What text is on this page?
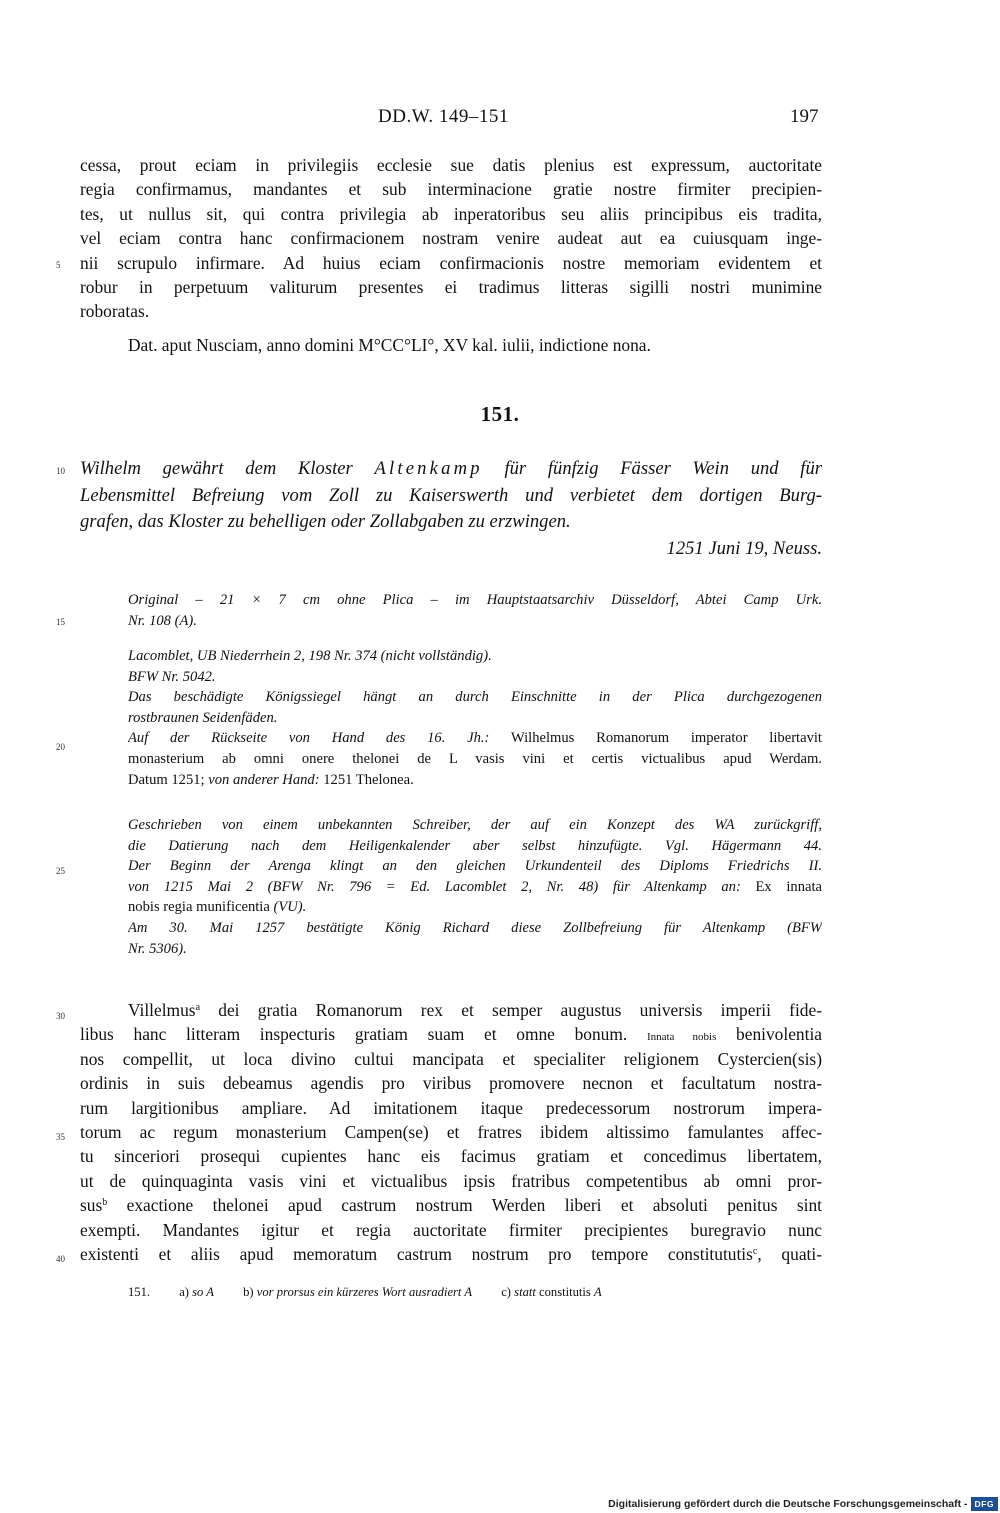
DD.W. 149–151	197
cessa, prout eciam in privilegiis ecclesie sue datis plenius est expressum, auctoritate
regia confirmamus, mandantes et sub interminacione gratie nostre firmiter precipien-
tes, ut nullus sit, qui contra privilegia ab inperatoribus seu aliis principibus eis tradita,
vel eciam contra hanc confirmacionem nostram venire audeat aut ea cuiusquam inge-
nii scrupulo infirmare. Ad huius eciam confirmacionis nostre memoriam evidentem et
robur in perpetuum valiturum presentes ei tradimus litteras sigilli nostri munimine
roboratas.
Dat. aput Nusciam, anno domini M°CC°LI°, XV kal. iulii, indictione nona.
151.
Wilhelm gewährt dem Kloster Altenkamp für fünfzig Fässer Wein und für
Lebensmittel Befreiung vom Zoll zu Kaiserswerth und verbietet dem dortigen Burg-
grafen, das Kloster zu behelligen oder Zollabgaben zu erzwingen.
1251 Juni 19, Neuss.
Original – 21 × 7 cm ohne Plica – im Hauptstaatsarchiv Düsseldorf, Abtei Camp Urk.
Nr. 108 (A).
Lacomblet, UB Niederrhein 2, 198 Nr. 374 (nicht vollständig).
BFW Nr. 5042.
Das beschädigte Königssiegel hängt an durch Einschnitte in der Plica durchgezogenen
rostbraunen Seidenfäden.
Auf der Rückseite von Hand des 16. Jh.: Wilhelmus Romanorum imperator libertavit
monasterium ab omni onere thelonei de L vasis vini et certis victualibus apud Werdam.
Datum 1251; von anderer Hand: 1251 Thelonea.
Geschrieben von einem unbekannten Schreiber, der auf ein Konzept des WA zurückgriff,
die Datierung nach dem Heiligenkalender aber selbst hinzufügte. Vgl. Hägermann 44.
Der Beginn der Arenga klingt an den gleichen Urkundenteil des Diploms Friedrichs II.
von 1215 Mai 2 (BFW Nr. 796 = Ed. Lacomblet 2, Nr. 48) für Altenkamp an: Ex innata
nobis regia munificentia (VU).
Am 30. Mai 1257 bestätigte König Richard diese Zollbefreiung für Altenkamp (BFW
Nr. 5306).
Villelmus$^a$ dei gratia Romanorum rex et semper augustus universis imperii fide-
libus hanc litteram inspecturis gratiam suam et omne bonum. Innata nobis benivolentia
nos compellit, ut loca divino cultui mancipata et specialiter religionem Cystercien(sis)
ordinis in suis debeamus agendis pro viribus promovere necnon et facultatum nostra-
rum largitionibus ampliare. Ad imitationem itaque predecessorum nostrorum impera-
torum ac regum monasterium Campen(se) et fratres ibidem altissimo famulantes affec-
tu sinceriori prosequi cupientes hanc eis facimus gratiam et concedimus libertatem,
ut de quinquaginta vasis vini et victualibus ipsis fratribus competentibus ab omni pror-
sus$^b$ exactione thelonei apud castrum nostrum Werden liberi et absoluti penitus sint
exempti. Mandantes igitur et regia auctoritate firmiter precipientes buregravio nunc
existenti et aliis apud memoratum castrum nostrum pro tempore constitututis$^c$, quati-
5
10
15
20
25
30
35
40
151. a) so A b) vor prorsus ein kürzeres Wort ausradiert A c) statt constitutis A
Digitalisierung gefördert durch die Deutsche Forschungsgemeinschaft - DFG
